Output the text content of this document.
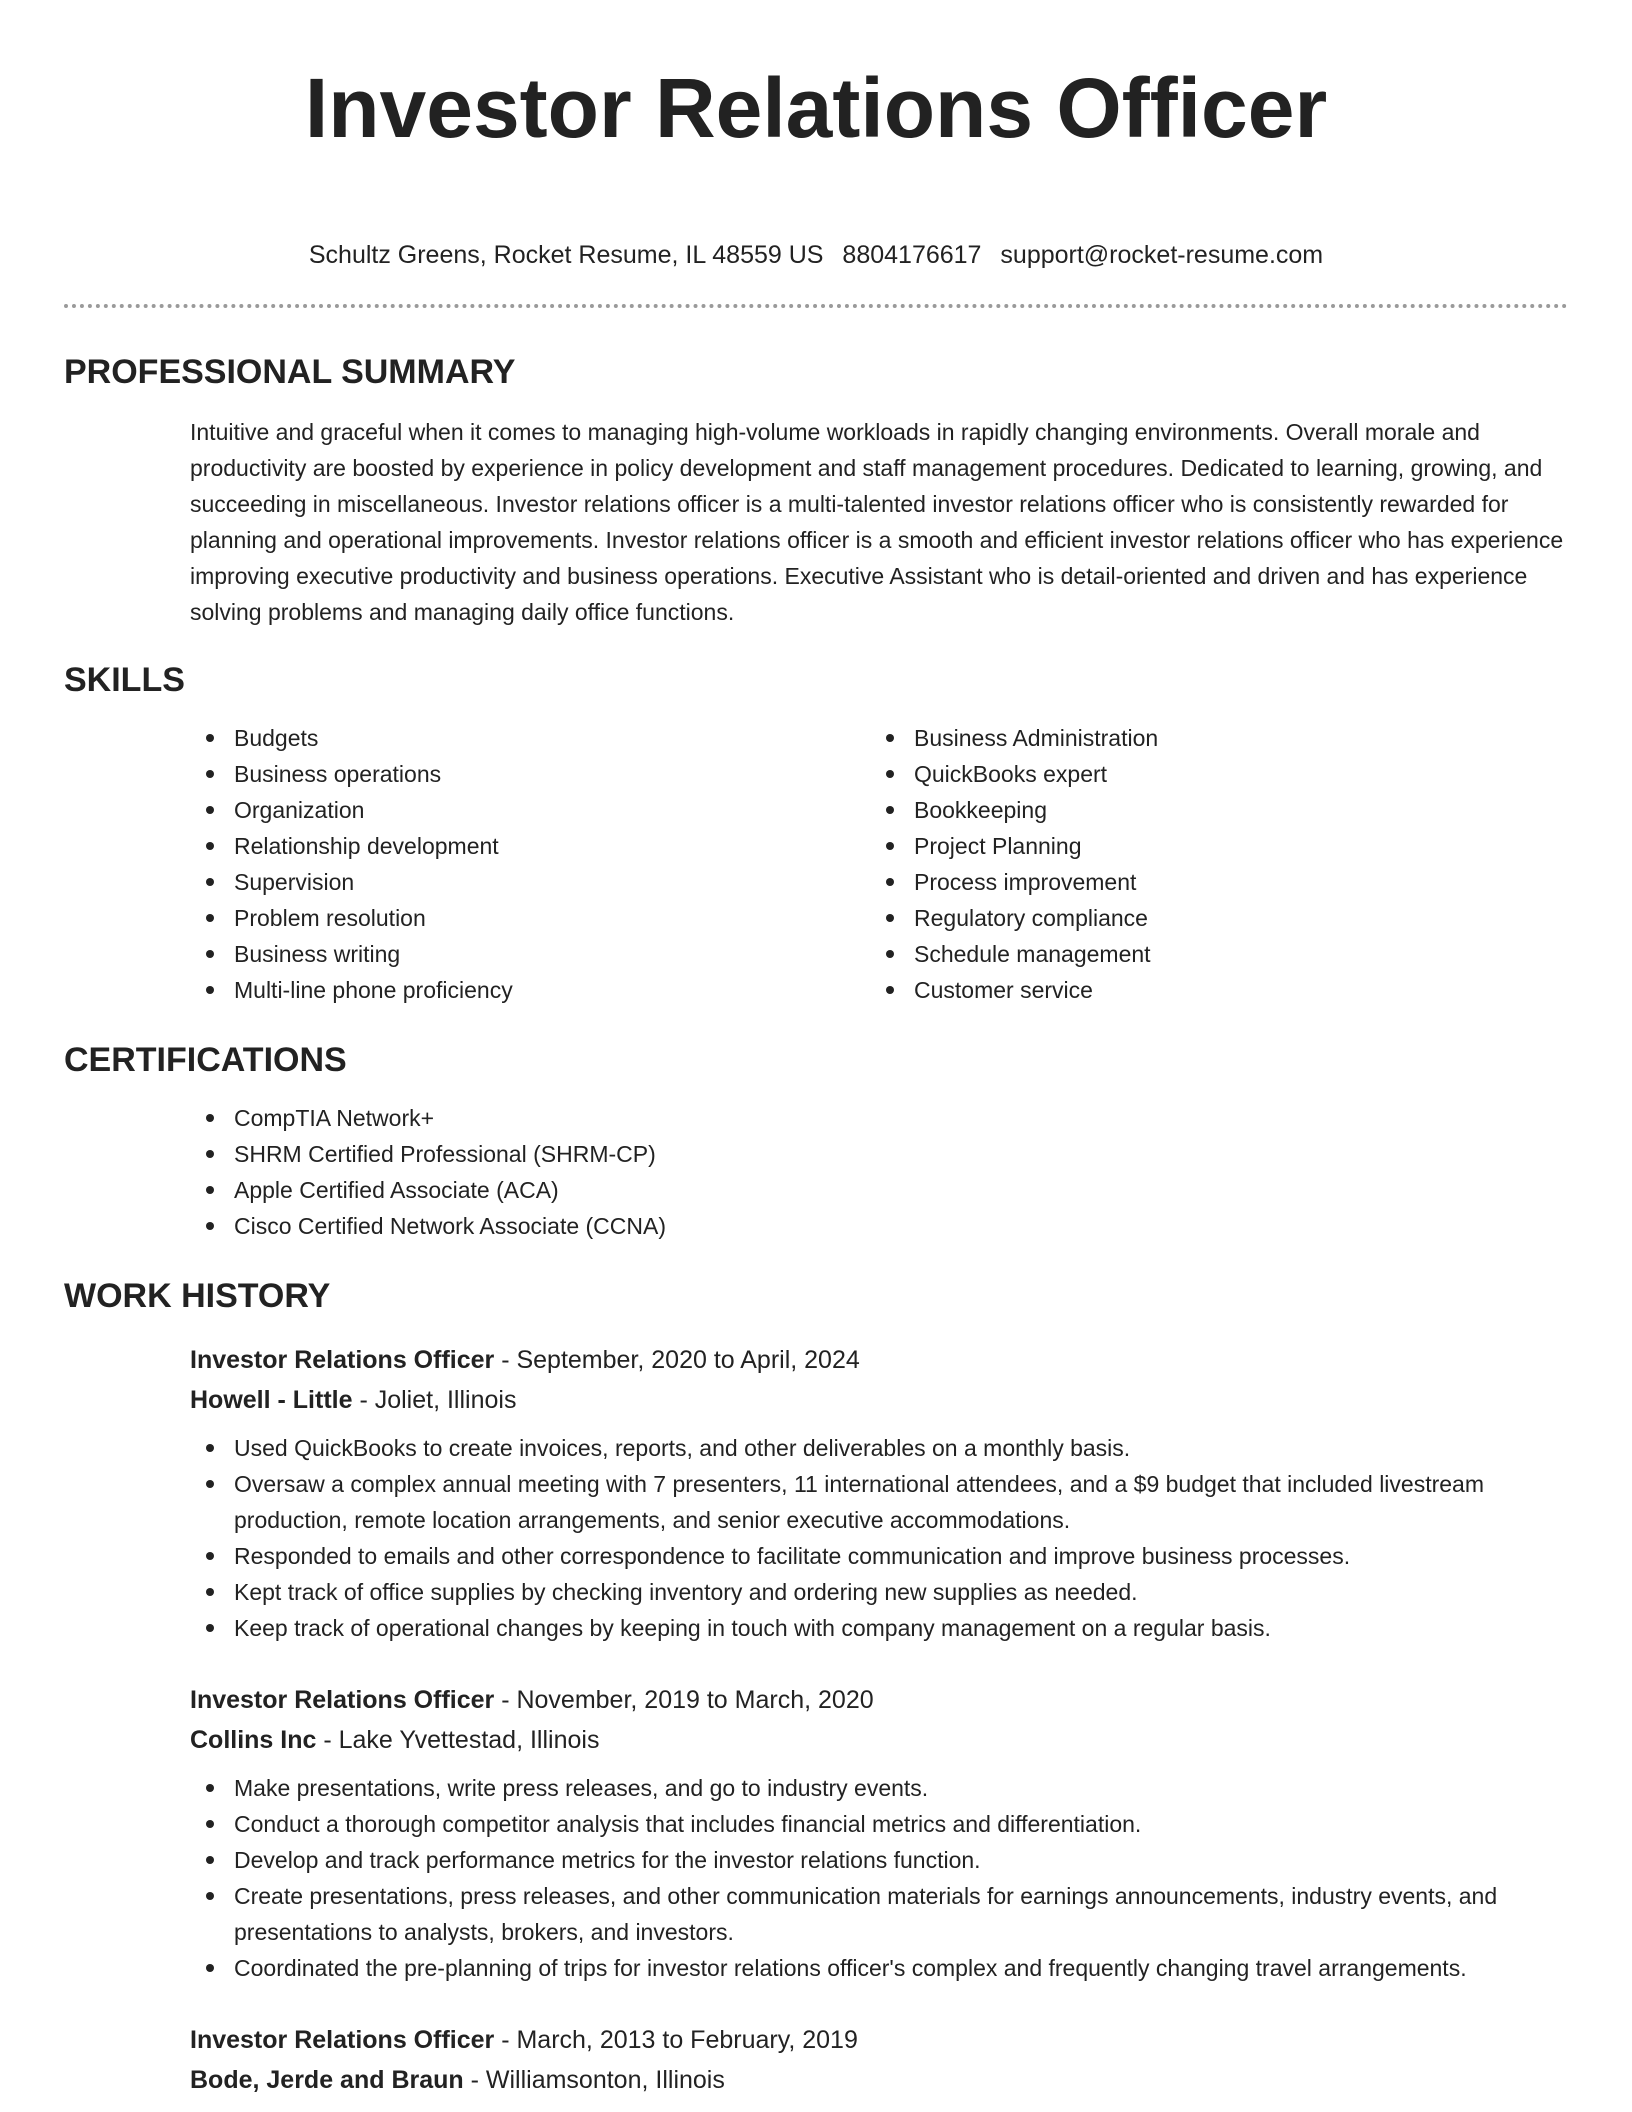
Investor Relations Officer
Schultz Greens, Rocket Resume, IL 48559 US 8804176617 support@rocket-resume.com
PROFESSIONAL SUMMARY

Intuitive and graceful when it comes to managing high-volume workloads in rapidly changing environments. Overall morale and productivity are boosted by experience in policy development and staff management procedures. Dedicated to learning, growing, and succeeding in miscellaneous. Investor relations officer is a multi-talented investor relations officer who is consistently rewarded for planning and operational improvements. Investor relations officer is a smooth and efficient investor relations officer who has experience improving executive productivity and business operations. Executive Assistant who is detail-oriented and driven and has experience solving problems and managing daily office functions.

SKILLS
Budgets
Business operations
Organization
Relationship development
Supervision
Problem resolution
Business writing
Multi-line phone proficiency
Business Administration
QuickBooks expert
Bookkeeping
Project Planning
Process improvement
Regulatory compliance
Schedule management
Customer service
CERTIFICATIONS
CompTIA Network+
SHRM Certified Professional (SHRM-CP)
Apple Certified Associate (ACA)
Cisco Certified Network Associate (CCNA)
WORK HISTORY
Investor Relations Officer - September, 2020 to April, 2024
Howell - Little - Joliet, Illinois
Used QuickBooks to create invoices, reports, and other deliverables on a monthly basis.
Oversaw a complex annual meeting with 7 presenters, 11 international attendees, and a $9 budget that included livestream production, remote location arrangements, and senior executive accommodations.
Responded to emails and other correspondence to facilitate communication and improve business processes.
Kept track of office supplies by checking inventory and ordering new supplies as needed.
Keep track of operational changes by keeping in touch with company management on a regular basis.
Investor Relations Officer - November, 2019 to March, 2020
Collins Inc - Lake Yvettestad, Illinois
Make presentations, write press releases, and go to industry events.
Conduct a thorough competitor analysis that includes financial metrics and differentiation.
Develop and track performance metrics for the investor relations function.
Create presentations, press releases, and other communication materials for earnings announcements, industry events, and presentations to analysts, brokers, and investors.
Coordinated the pre-planning of trips for investor relations officer's complex and frequently changing travel arrangements.
Investor Relations Officer - March, 2013 to February, 2019
Bode, Jerde and Braun - Williamsonton, Illinois
